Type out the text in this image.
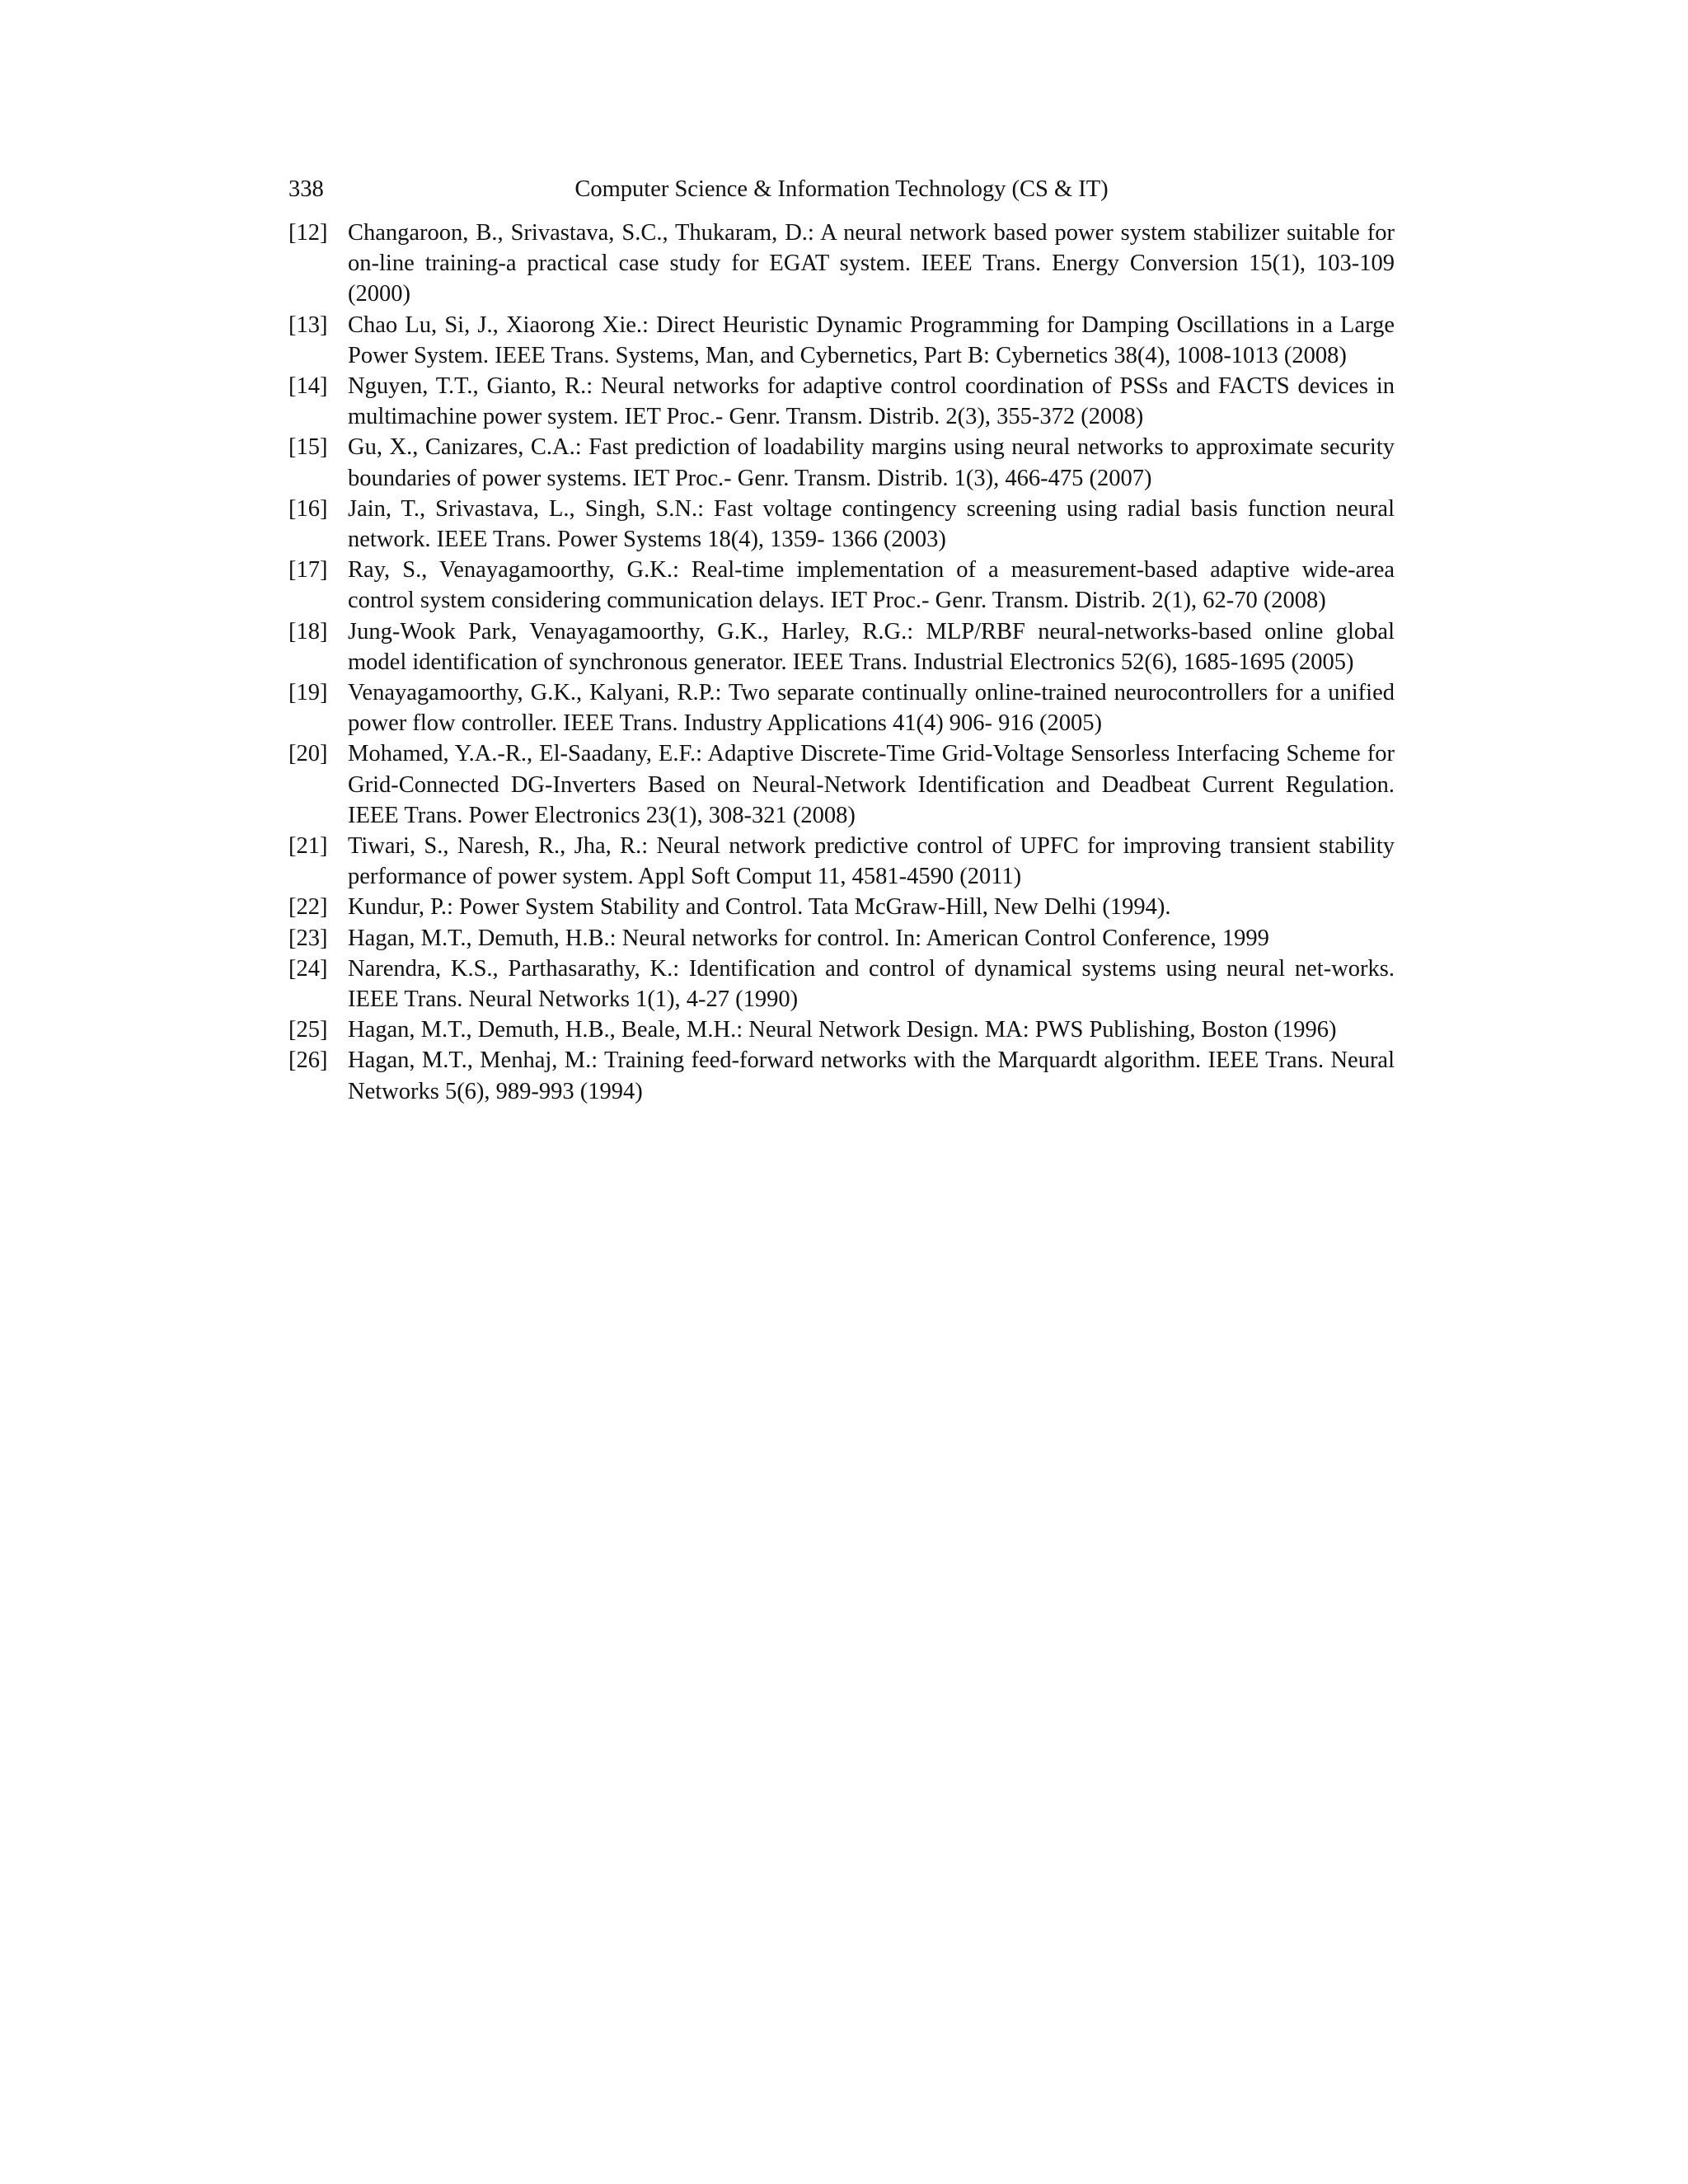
338	Computer Science & Information Technology (CS & IT)
[12] Changaroon, B., Srivastava, S.C., Thukaram, D.: A neural network based power system stabilizer suitable for on-line training-a practical case study for EGAT system. IEEE Trans. Energy Conversion 15(1), 103-109 (2000)
[13] Chao Lu, Si, J., Xiaorong Xie.: Direct Heuristic Dynamic Programming for Damping Oscillations in a Large Power System. IEEE Trans. Systems, Man, and Cybernetics, Part B: Cybernetics 38(4), 1008-1013 (2008)
[14] Nguyen, T.T., Gianto, R.: Neural networks for adaptive control coordination of PSSs and FACTS devices in multimachine power system. IET Proc.- Genr. Transm. Distrib. 2(3), 355-372 (2008)
[15] Gu, X., Canizares, C.A.: Fast prediction of loadability margins using neural networks to approximate security boundaries of power systems. IET Proc.- Genr. Transm. Distrib. 1(3), 466-475 (2007)
[16] Jain, T., Srivastava, L., Singh, S.N.: Fast voltage contingency screening using radial basis function neural network. IEEE Trans. Power Systems 18(4), 1359- 1366 (2003)
[17] Ray, S., Venayagamoorthy, G.K.: Real-time implementation of a measurement-based adaptive wide-area control system considering communication delays. IET Proc.- Genr. Transm. Distrib. 2(1), 62-70 (2008)
[18] Jung-Wook Park, Venayagamoorthy, G.K., Harley, R.G.: MLP/RBF neural-networks-based online global model identification of synchronous generator. IEEE Trans. Industrial Electronics 52(6), 1685-1695 (2005)
[19] Venayagamoorthy, G.K., Kalyani, R.P.: Two separate continually online-trained neurocontrollers for a unified power flow controller. IEEE Trans. Industry Applications 41(4) 906- 916 (2005)
[20] Mohamed, Y.A.-R., El-Saadany, E.F.: Adaptive Discrete-Time Grid-Voltage Sensorless Interfacing Scheme for Grid-Connected DG-Inverters Based on Neural-Network Identification and Deadbeat Current Regulation. IEEE Trans. Power Electronics 23(1), 308-321 (2008)
[21] Tiwari, S., Naresh, R., Jha, R.: Neural network predictive control of UPFC for improving transient stability performance of power system. Appl Soft Comput 11, 4581-4590 (2011)
[22] Kundur, P.: Power System Stability and Control. Tata McGraw-Hill, New Delhi (1994).
[23] Hagan, M.T., Demuth, H.B.: Neural networks for control. In: American Control Conference, 1999
[24] Narendra, K.S., Parthasarathy, K.: Identification and control of dynamical systems using neural net-works. IEEE Trans. Neural Networks 1(1), 4-27 (1990)
[25] Hagan, M.T., Demuth, H.B., Beale, M.H.: Neural Network Design. MA: PWS Publishing, Boston (1996)
[26] Hagan, M.T., Menhaj, M.: Training feed-forward networks with the Marquardt algorithm. IEEE Trans. Neural Networks 5(6), 989-993 (1994)
